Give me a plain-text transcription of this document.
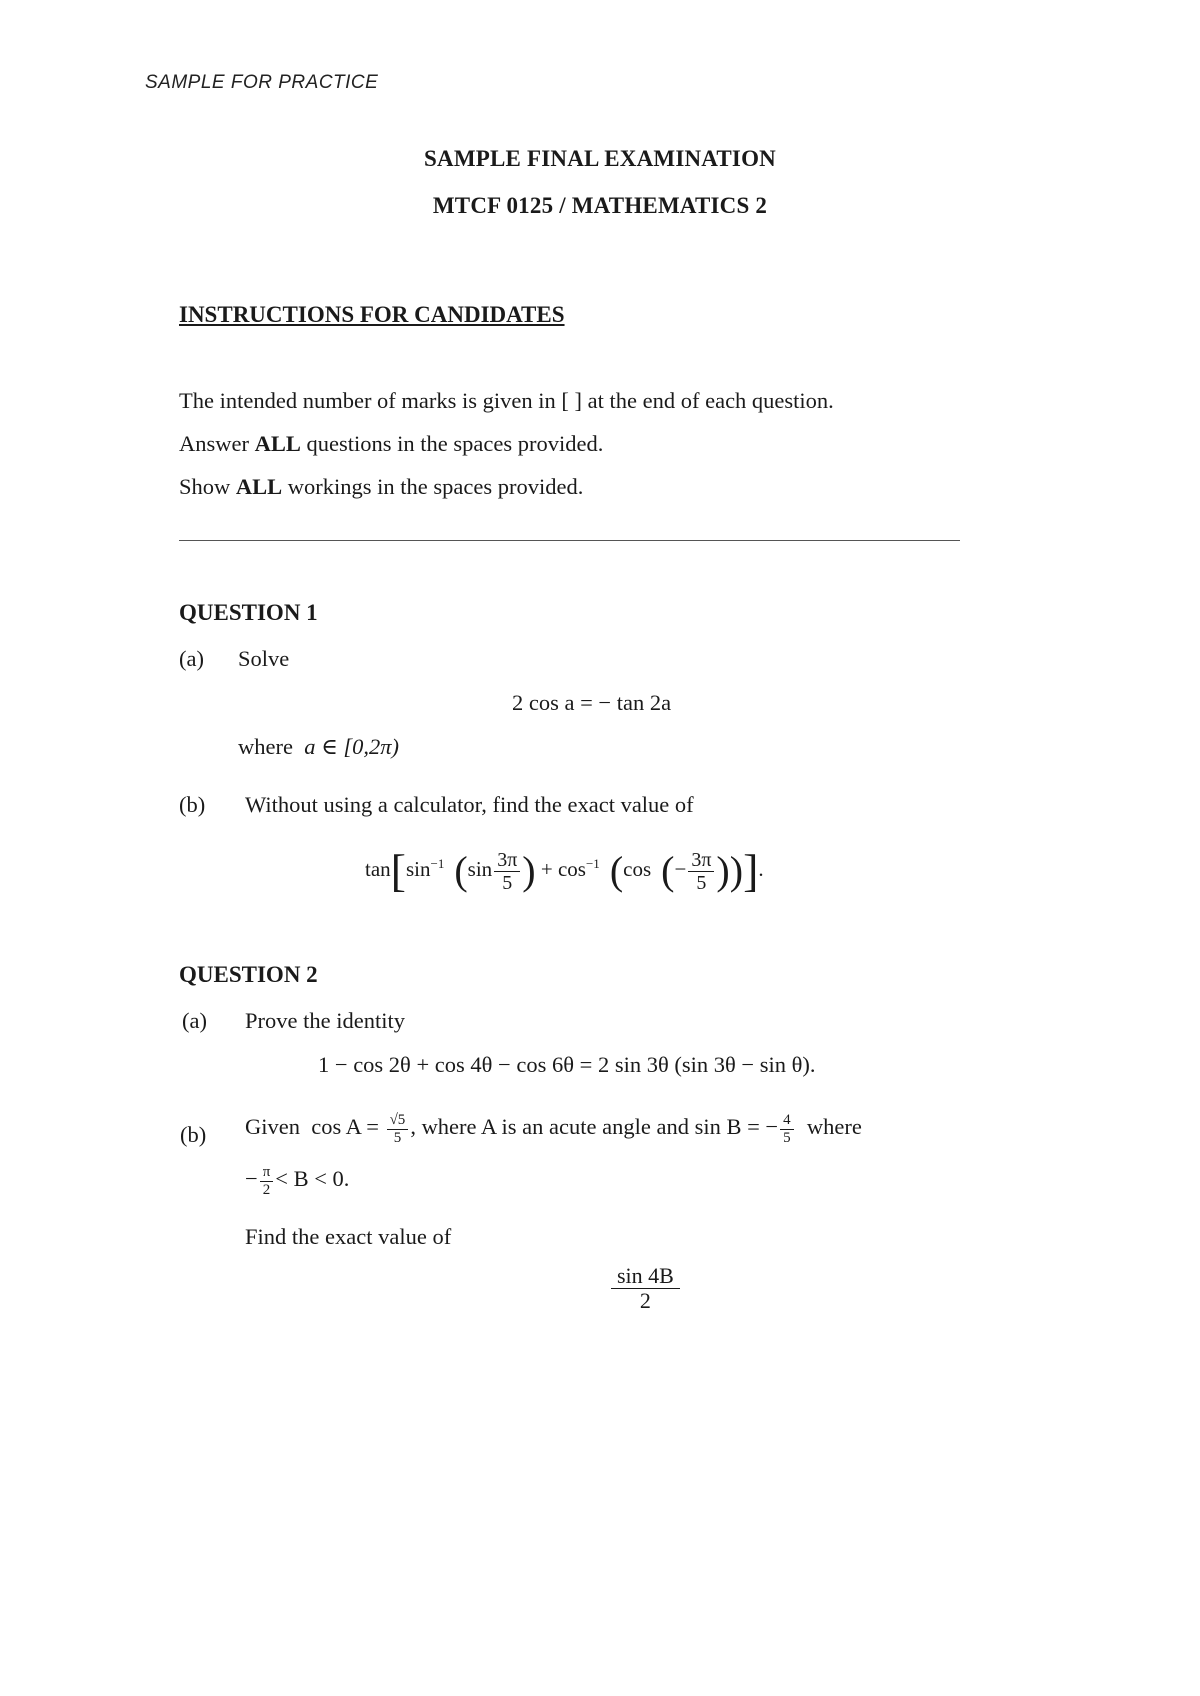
SAMPLE FOR PRACTICE
SAMPLE FINAL EXAMINATION
MTCF 0125 / MATHEMATICS 2
INSTRUCTIONS FOR CANDIDATES
The intended number of marks is given in [ ] at the end of each question.
Answer ALL questions in the spaces provided.
Show ALL workings in the spaces provided.
QUESTION 1
(a) Solve
2 cos a = − tan 2a
where a ∈ [0,2π)
(b) Without using a calculator, find the exact value of
$\tan[\sin^{-1}$ ($\sin \frac{3\pi}{5}$ ) + $\cos^{-1} (\cos$ (− $\frac{3\pi}{5}$ ))].
QUESTION 2
(a) Prove the identity
1 − cos 2θ + cos 4θ − cos 6θ = 2 sin 3θ (sin 3θ − sin θ).
(b) Given $\cos A = \frac{√5}{5}$ , where A is an acute angle and sin B = − $\frac{4}{5}$ where
− $\frac{\pi}{2} < B < 0$.
Find the exact value of
$\frac{\sin 4B}{2}$
